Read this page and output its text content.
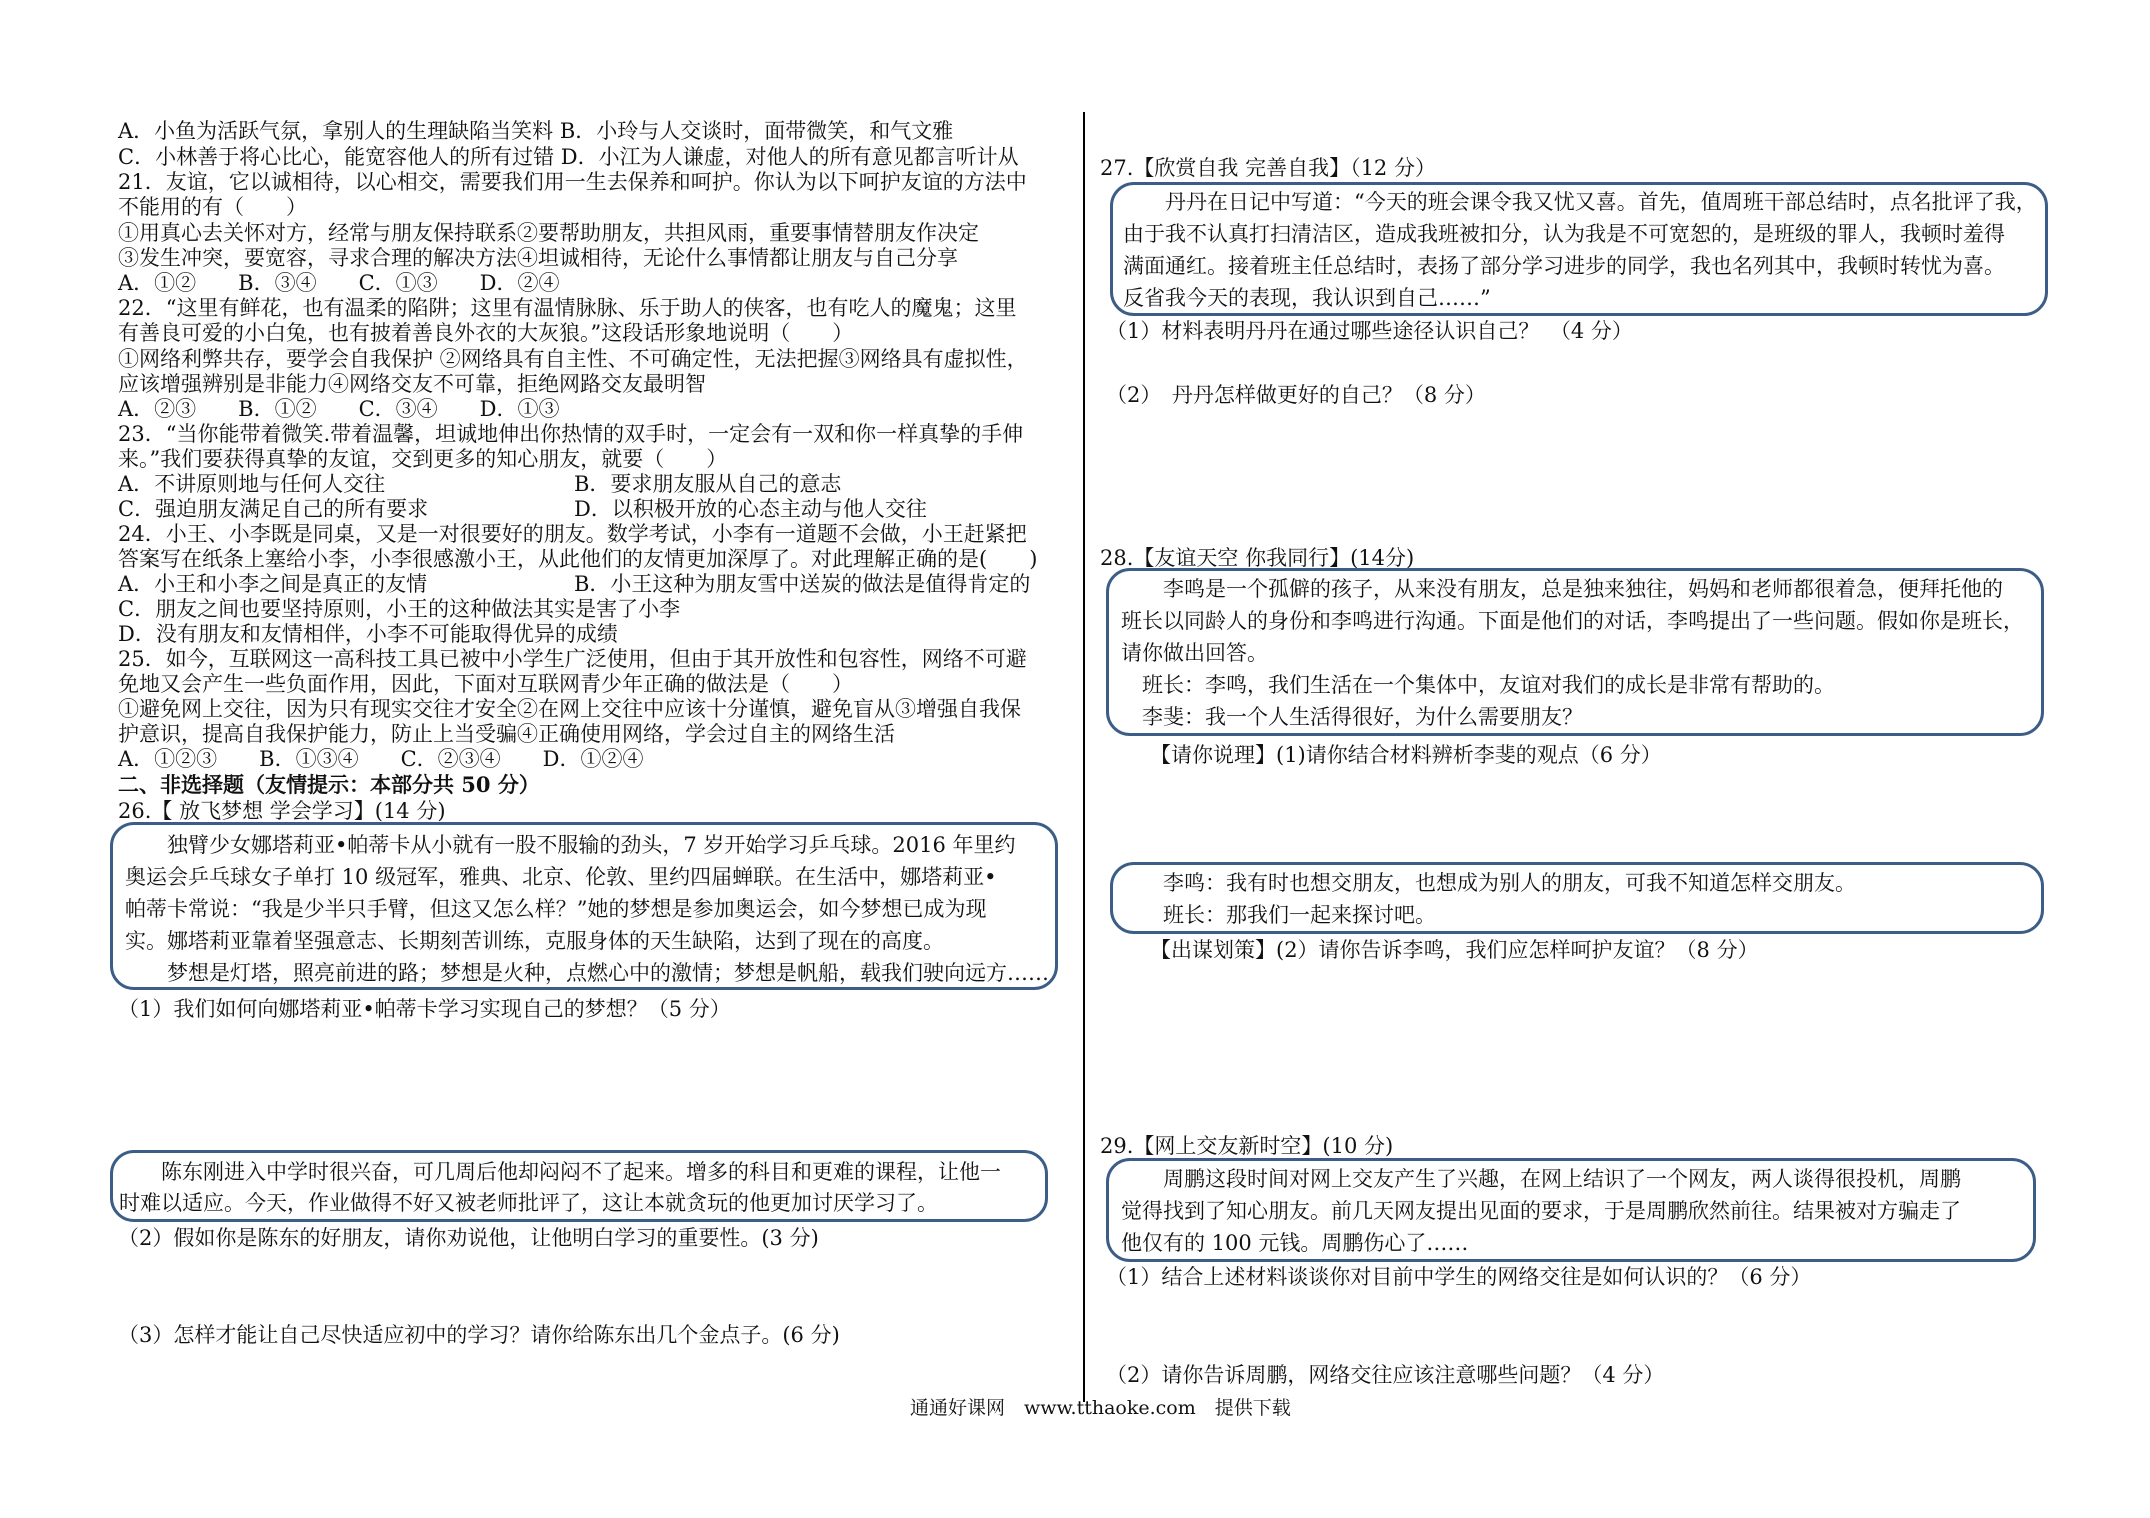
A．小鱼为活跃气氛，拿别人的生理缺陷当笑料 B．小玲与人交谈时，面带微笑，和气文雅
C．小林善于将心比心，能宽容他人的所有过错 D．小江为人谦虚，对他人的所有意见都言听计从
21．友谊，它以诚相待，以心相交，需要我们用一生去保养和呵护。你认为以下呵护友谊的方法中
不能用的有（　　）
①用真心去关怀对方，经常与朋友保持联系②要帮助朋友，共担风雨，重要事情替朋友作决定
③发生冲突，要宽容，寻求合理的解决方法④坦诚相待，无论什么事情都让朋友与自己分享
A．①②　　B．③④　　C．①③　　D．②④
22．“这里有鲜花，也有温柔的陷阱；这里有温情脉脉、乐于助人的侠客，也有吃人的魔鬼；这里
有善良可爱的小白兔，也有披着善良外衣的大灰狼。”这段话形象地说明（　　）
①网络利弊共存，要学会自我保护 ②网络具有自主性、不可确定性，无法把握③网络具有虚拟性，
应该增强辨别是非能力④网络交友不可靠，拒绝网路交友最明智
A．②③　　B．①②　　C．③④　　D．①③
23．“当你能带着微笑.带着温馨，坦诚地伸出你热情的双手时，一定会有一双和你一样真挚的手伸
来。”我们要获得真挚的友谊，交到更多的知心朋友，就要（　　）
A．不讲原则地与任何人交往	B．要求朋友服从自己的意志
C．强迫朋友满足自己的所有要求	D．以积极开放的心态主动与他人交往
24．小王、小李既是同桌，又是一对很要好的朋友。数学考试，小李有一道题不会做，小王赶紧把
答案写在纸条上塞给小李，小李很感激小王，从此他们的友情更加深厚了。对此理解正确的是(　　)
A．小王和小李之间是真正的友情	B．小王这种为朋友雪中送炭的做法是值得肯定的
C．朋友之间也要坚持原则，小王的这种做法其实是害了小李
D．没有朋友和友情相伴，小李不可能取得优异的成绩
25．如今，互联网这一高科技工具已被中小学生广泛使用，但由于其开放性和包容性，网络不可避
免地又会产生一些负面作用，因此，下面对互联网青少年正确的做法是（　　）
①避免网上交往，因为只有现实交往才安全②在网上交往中应该十分谨慎，避免盲从③增强自我保
护意识，提高自我保护能力，防止上当受骗④正确使用网络，学会过自主的网络生活
A．①②③　　B．①③④　　C．②③④　　D．①②④
二、非选择题（友情提示：本部分共 50 分）
26.【 放飞梦想 学会学习】(14 分)
　　独臂少女娜塔莉亚•帕蒂卡从小就有一股不服输的劲头，7 岁开始学习乒乓球。2016 年里约
奥运会乒乓球女子单打 10 级冠军，雅典、北京、伦敦、里约四届蝉联。在生活中，娜塔莉亚•
帕蒂卡常说：“我是少半只手臂，但这又怎么样？”她的梦想是参加奥运会，如今梦想已成为现
实。娜塔莉亚靠着坚强意志、长期刻苦训练，克服身体的天生缺陷，达到了现在的高度。
　　梦想是灯塔，照亮前进的路；梦想是火种，点燃心中的激情；梦想是帆船，载我们驶向远方……
（1）我们如何向娜塔莉亚•帕蒂卡学习实现自己的梦想？（5 分）
　　陈东刚进入中学时很兴奋，可几周后他却闷闷不了起来。增多的科目和更难的课程，让他一
时难以适应。今天，作业做得不好又被老师批评了，这让本就贪玩的他更加讨厌学习了。
（2）假如你是陈东的好朋友，请你劝说他，让他明白学习的重要性。(3 分)
（3）怎样才能让自己尽快适应初中的学习？请你给陈东出几个金点子。(6 分)
27.【欣赏自我 完善自我】（12 分）
　　丹丹在日记中写道：“今天的班会课令我又忧又喜。首先，值周班干部总结时，点名批评了我，
由于我不认真打扫清洁区，造成我班被扣分，认为我是不可宽恕的，是班级的罪人，我顿时羞得
满面通红。接着班主任总结时，表扬了部分学习进步的同学，我也名列其中，我顿时转忧为喜。
反省我今天的表现，我认识到自己……”
（1）材料表明丹丹在通过哪些途径认识自己？　（4 分）
（2）　丹丹怎样做更好的自己？（8 分）
28.【友谊天空 你我同行】(14分)
　　李鸣是一个孤僻的孩子，从来没有朋友，总是独来独往，妈妈和老师都很着急，便拜托他的
班长以同龄人的身份和李鸣进行沟通。下面是他们的对话，李鸣提出了一些问题。假如你是班长，
请你做出回答。
　班长：李鸣，我们生活在一个集体中，友谊对我们的成长是非常有帮助的。
　李斐：我一个人生活得很好，为什么需要朋友？
【请你说理】(1)请你结合材料辨析李斐的观点（6 分）
　　李鸣：我有时也想交朋友，也想成为别人的朋友，可我不知道怎样交朋友。
　　班长：那我们一起来探讨吧。
【出谋划策】(2）请你告诉李鸣，我们应怎样呵护友谊？（8 分）
29.【网上交友新时空】(10 分)
　　周鹏这段时间对网上交友产生了兴趣，在网上结识了一个网友，两人谈得很投机，周鹏
觉得找到了知心朋友。前几天网友提出见面的要求，于是周鹏欣然前往。结果被对方骗走了
他仅有的 100 元钱。周鹏伤心了……
（1）结合上述材料谈谈你对目前中学生的网络交往是如何认识的？（6 分）
（2）请你告诉周鹏，网络交往应该注意哪些问题？（4 分）
通通好课网　www.tthaoke.com　提供下载
